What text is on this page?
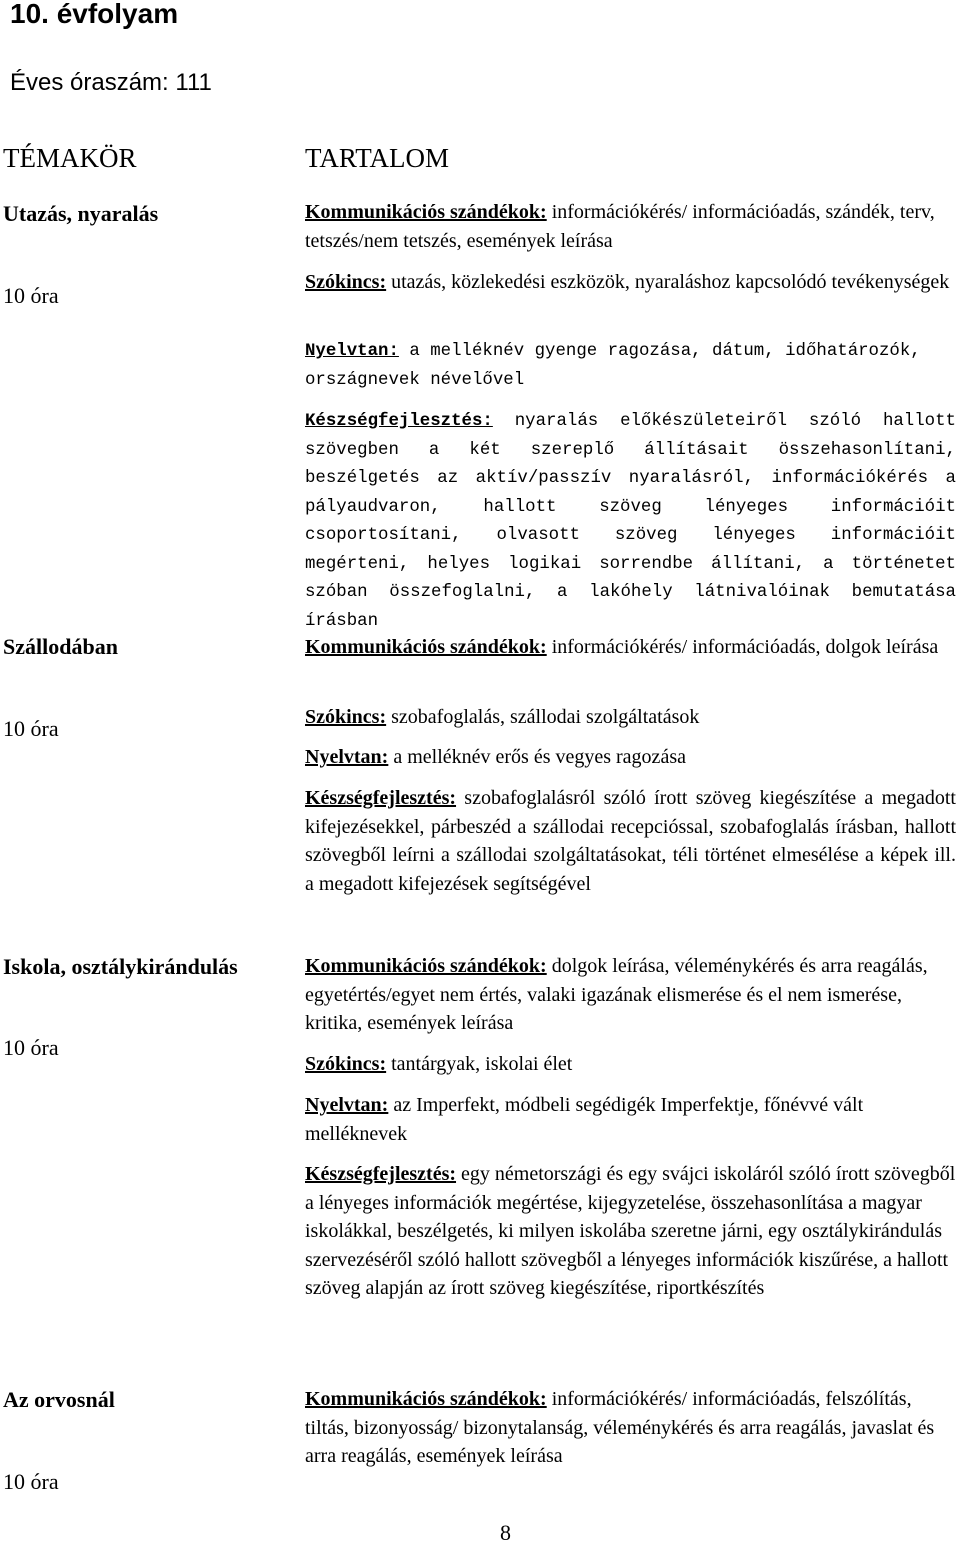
10. évfolyam
Éves óraszám: 111
TÉMAKÖR	TARTALOM
Utazás, nyaralás
10 óra
Kommunikációs szándékok: információkérés/ információadás, szándék, terv, tetszés/nem tetszés, események leírása
Szókincs: utazás, közlekedési eszközök, nyaraláshoz kapcsolódó tevékenységek
Nyelvtan: a melléknév gyenge ragozása, dátum, időhatározók, országnevek névelővel
Készségfejlesztés: nyaralás előkészületeiről szóló hallott szövegben a két szereplő állításait összehasonlítani, beszélgetés az aktív/passzív nyaralásról, információkérés a pályaudvaron, hallott szöveg lényeges információit csoportosítani, olvasott szöveg lényeges információit megérteni, helyes logikai sorrendbe állítani, a történetet szóban összefoglalni, a lakóhely látnivalóinak bemutatása írásban
Szállodában
10 óra
Kommunikációs szándékok: információkérés/ információadás, dolgok leírása
Szókincs: szobafoglalás, szállodai szolgáltatások
Nyelvtan: a melléknév erős és vegyes ragozása
Készségfejlesztés: szobafoglalásról szóló írott szöveg kiegészítése a megadott kifejezésekkel, párbeszéd a szállodai recepcióssal, szobafoglalás írásban, hallott szövegből leírni a szállodai szolgáltatásokat, téli történet elmesélése a képek ill. a megadott kifejezések segítségével
Iskola, osztálykirándulás
10 óra
Kommunikációs szándékok: dolgok leírása, véleménykérés és arra reagálás, egyetértés/egyet nem értés, valaki igazának elismerése és el nem ismerése, kritika, események leírása
Szókincs: tantárgyak, iskolai élet
Nyelvtan: az Imperfekt, módbeli segédigék Imperfektje, főnévvé vált melléknevek
Készségfejlesztés: egy németországi és egy svájci iskoláról szóló írott szövegből a lényeges információk megértése, kijegyzetelése, összehasonlítása a magyar iskolákkal, beszélgetés, ki milyen iskolába szeretne járni, egy osztálykirándulás szervezéséről szóló hallott szövegből a lényeges információk kiszűrése, a hallott szöveg alapján az írott szöveg kiegészítése, riportkészítés
Az orvosnál
10 óra
Kommunikációs szándékok: információkérés/ információadás, felszólítás, tiltás, bizonyosság/ bizonytalanság, véleménykérés és arra reagálás, javaslat és arra reagálás, események leírása
8
